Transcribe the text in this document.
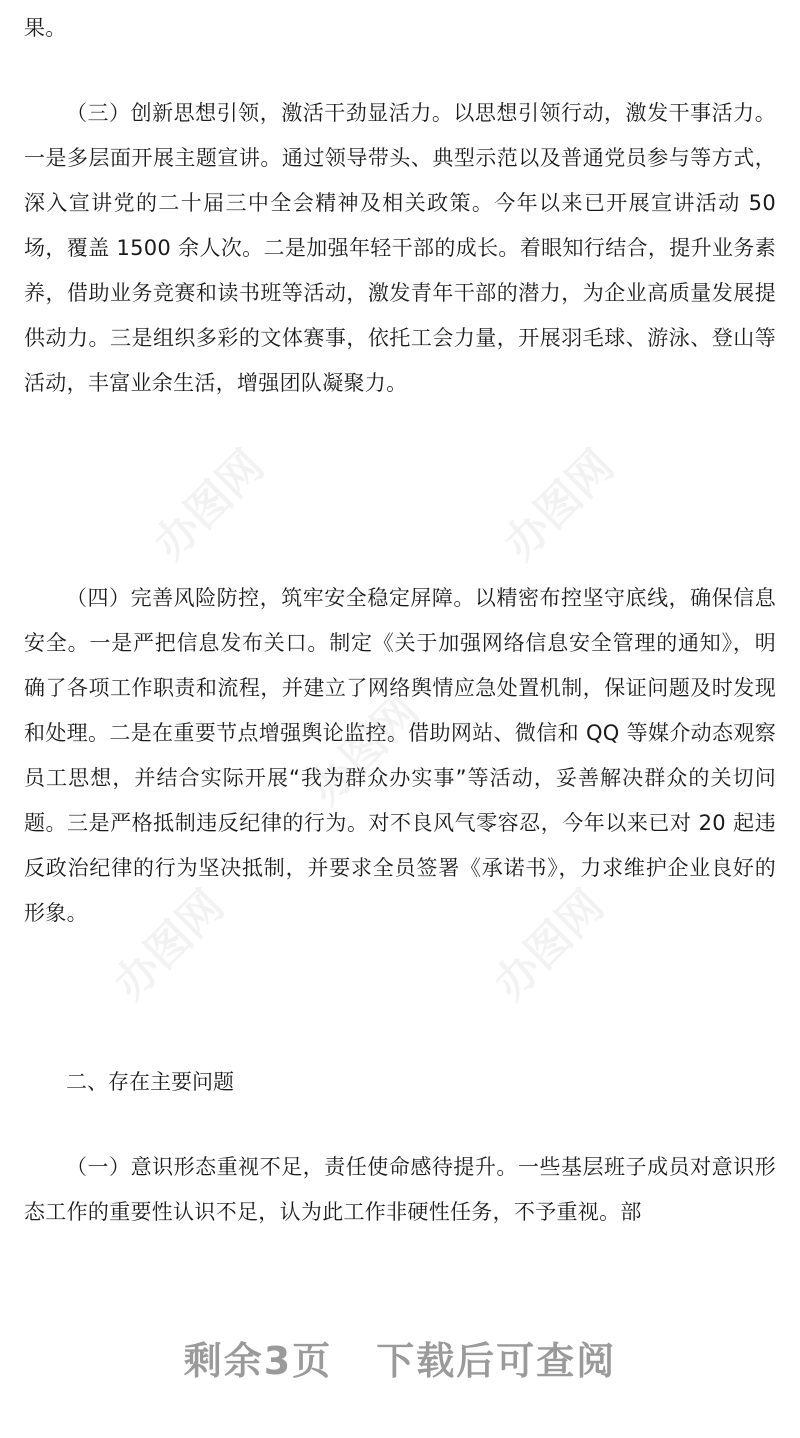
果。

（三）创新思想引领，激活干劲显活力。以思想引领行动，激发干事活力。一是多层面开展主题宣讲。通过领导带头、典型示范以及普通党员参与等方式，深入宣讲党的二十届三中全会精神及相关政策。今年以来已开展宣讲活动 50 场，覆盖 1500 余人次。二是加强年轻干部的成长。着眼知行结合，提升业务素养，借助业务竞赛和读书班等活动，激发青年干部的潜力，为企业高质量发展提供动力。三是组织多彩的文体赛事，依托工会力量，开展羽毛球、游泳、登山等活动，丰富业余生活，增强团队凝聚力。

（四）完善风险防控，筑牢安全稳定屏障。以精密布控坚守底线，确保信息安全。一是严把信息发布关口。制定《关于加强网络信息安全管理的通知》，明确了各项工作职责和流程，并建立了网络舆情应急处置机制，保证问题及时发现和处理。二是在重要节点增强舆论监控。借助网站、微信和 QQ 等媒介动态观察员工思想，并结合实际开展“我为群众办实事”等活动，妥善解决群众的关切问题。三是严格抵制违反纪律的行为。对不良风气零容忍，今年以来已对 20 起违反政治纪律的行为坚决抵制，并要求全员签署《承诺书》，力求维护企业良好的形象。

二、存在主要问题

（一）意识形态重视不足，责任使命感待提升。一些基层班子成员对意识形态工作的重要性认识不足，认为此工作非硬性任务，不予重视。部

办图网	办图网
办图网
办图网	办图网
剩余3页 下载后可查阅
